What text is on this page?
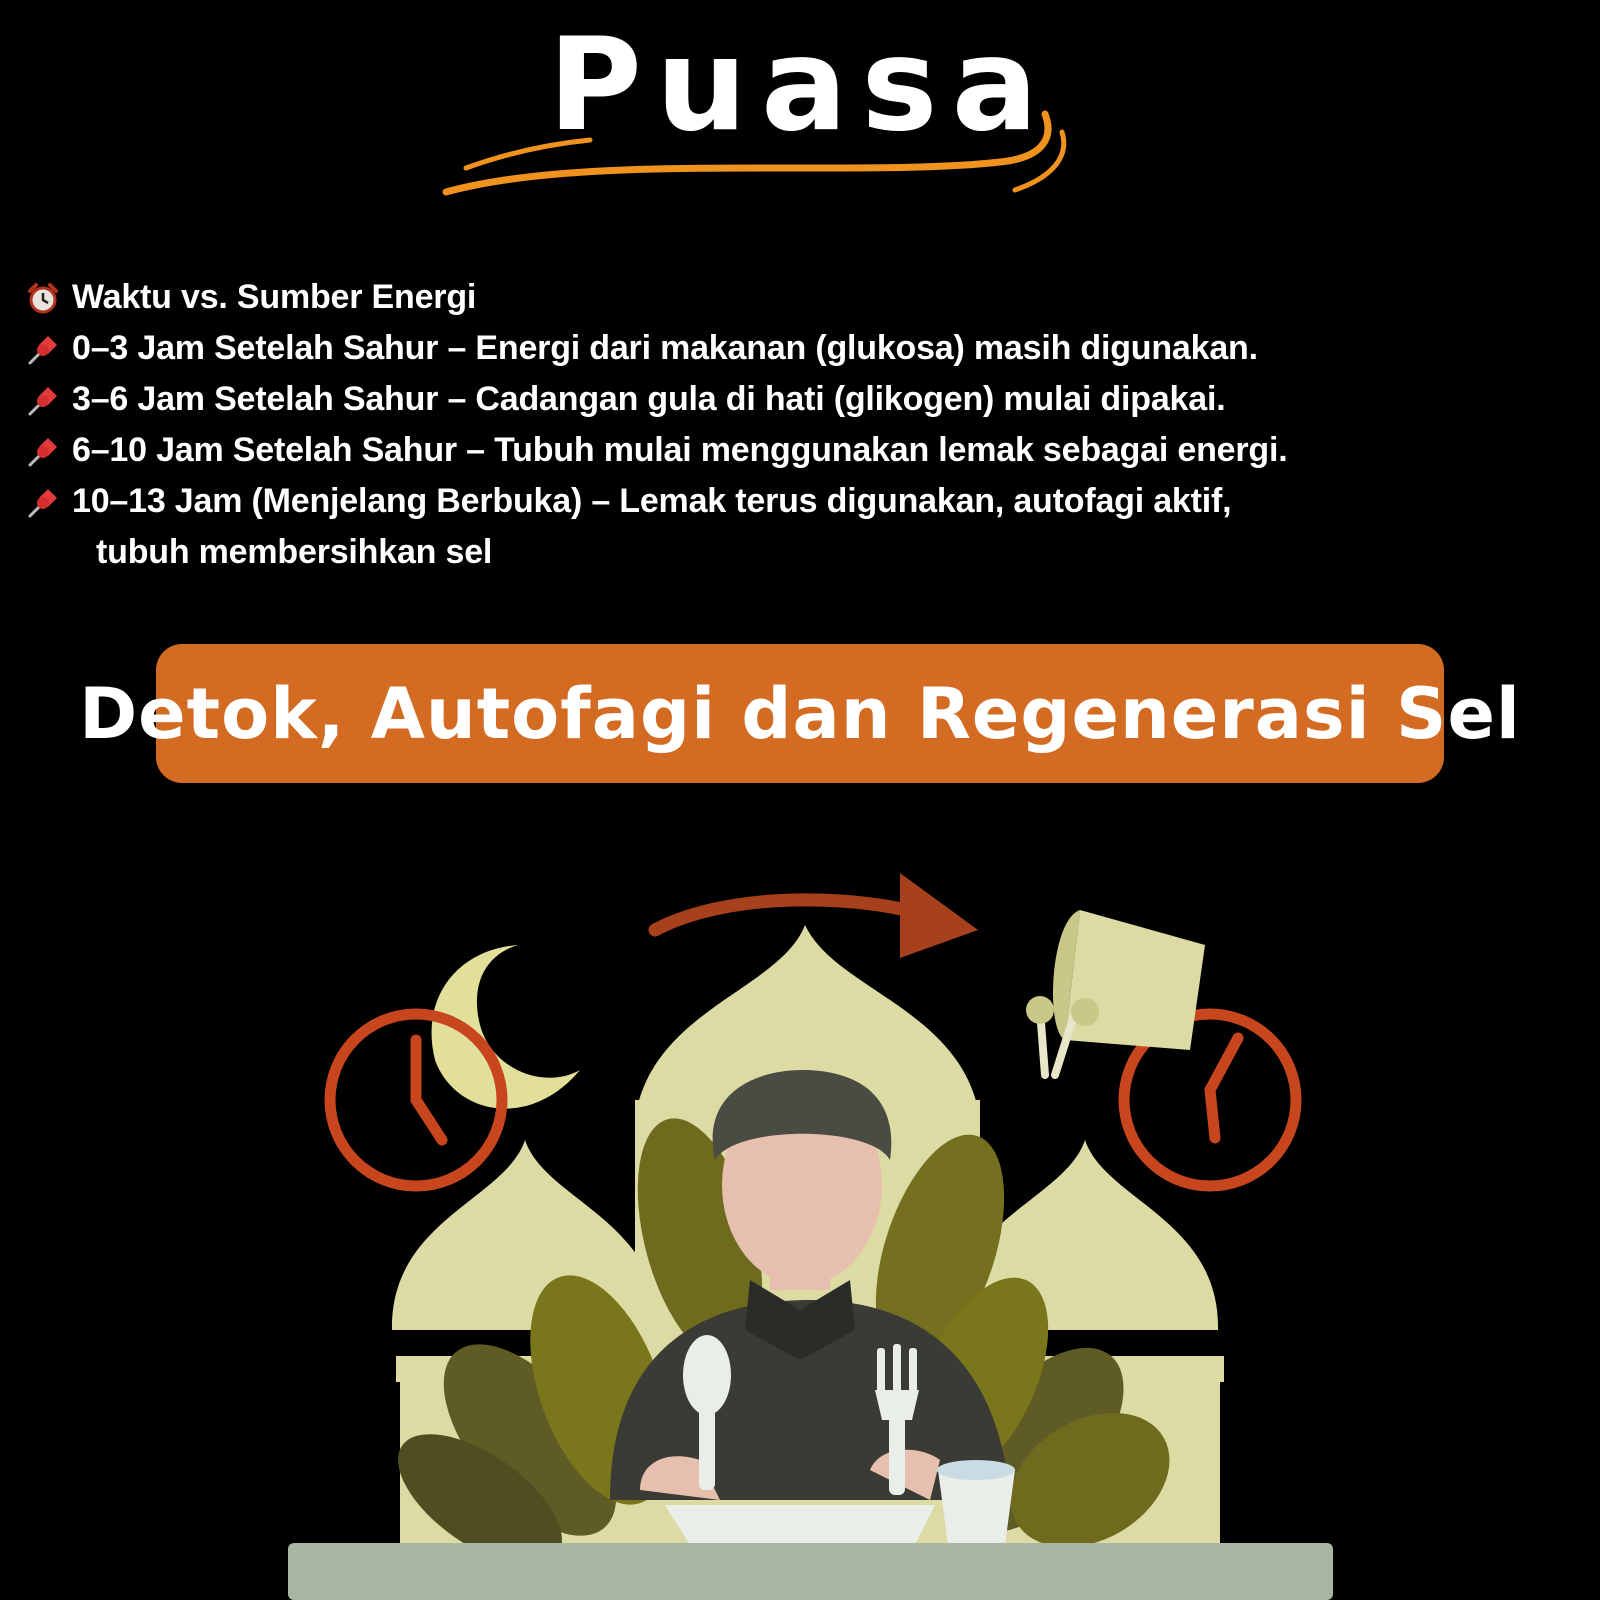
Puasa
Waktu vs. Sumber Energi
0–3 Jam Setelah Sahur – Energi dari makanan (glukosa) masih digunakan.
3–6 Jam Setelah Sahur – Cadangan gula di hati (glikogen) mulai dipakai.
6–10 Jam Setelah Sahur – Tubuh mulai menggunakan lemak sebagai energi.
10–13 Jam (Menjelang Berbuka) – Lemak terus digunakan, autofagi aktif,
tubuh membersihkan sel
Detok, Autofagi dan Regenerasi Sel
